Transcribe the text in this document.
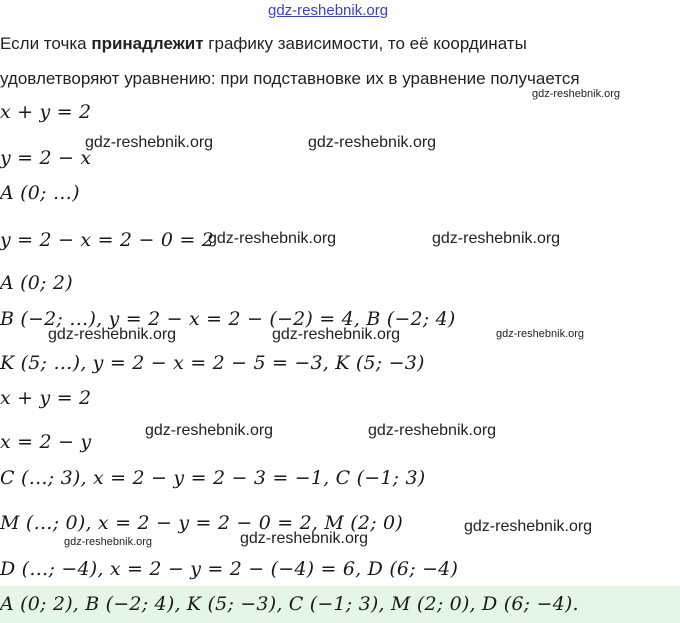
gdz-reshebnik.org
Если точка принадлежит графику зависимости, то её координаты
удовлетворяют уравнению: при подставновке их в уравнение получается
x + y = 2
y = 2 − x
A (0; …)
y = 2 − x = 2 − 0 = 2
A (0; 2)
B (−2; …), y = 2 − x = 2 − (−2) = 4, B (−2; 4)
K (5; …), y = 2 − x = 2 − 5 = −3, K (5; −3)
x + y = 2
x = 2 − y
C (…; 3), x = 2 − y = 2 − 3 = −1, C (−1; 3)
M (…; 0), x = 2 − y = 2 − 0 = 2, M (2; 0)
D (…; −4), x = 2 − y = 2 − (−4) = 6, D (6; −4)
A (0; 2), B (−2; 4), K (5; −3), C (−1; 3), M (2; 0), D (6; −4).
gdz-reshebnik.org
gdz-reshebnik.org	gdz-reshebnik.org
gdz-reshebnik.org	gdz-reshebnik.org
gdz-reshebnik.org	gdz-reshebnik.org	gdz-reshebnik.org
gdz-reshebnik.org	gdz-reshebnik.org
gdz-reshebnik.org
gdz-reshebnik.org	gdz-reshebnik.org
